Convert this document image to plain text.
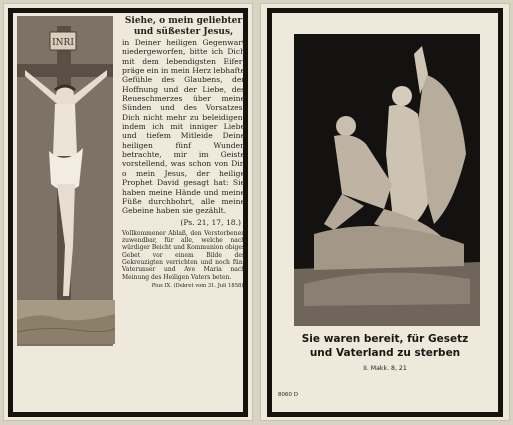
INRI
Siehe, o mein geliebter und süßester Jesus,
in Deiner heiligen Gegenwart niedergeworfen, bitte ich Dich mit dem lebendigsten Eifer: präge ein in mein Herz lebhafte Gefühle des Glaubens, der Hoffnung und der Liebe, des Reueschmerzes über meine Sünden und des Vorsatzes, Dich nicht mehr zu beleidigen, indem ich mit inniger Liebe und tiefem Mitleide Deine heiligen fünf Wunden betrachte, mir im Geiste vorstellend, was schon von Dir, o mein Jesus, der heilige Prophet David gesagt hat: Sie haben meine Hände und meine Füße durchbohrt, alle meine Gebeine haben sie gezählt.
(Ps. 21, 17, 18.)
Vollkommener Ablaß, den Verstorbenen zuwendbar, für alle, welche nach würdiger Beicht und Kommunion obiges Gebet vor einem Bilde des Gekreuzigten verrichten und noch fünf Vaterunser und Ave Maria nach Meinung des Heiligen Vaters beten.
Pius IX. (Dekret vom 31. Juli 1858).
Sie waren bereit, für Gesetz
und Vaterland zu sterben
II. Makk. 8, 21
8060 D
